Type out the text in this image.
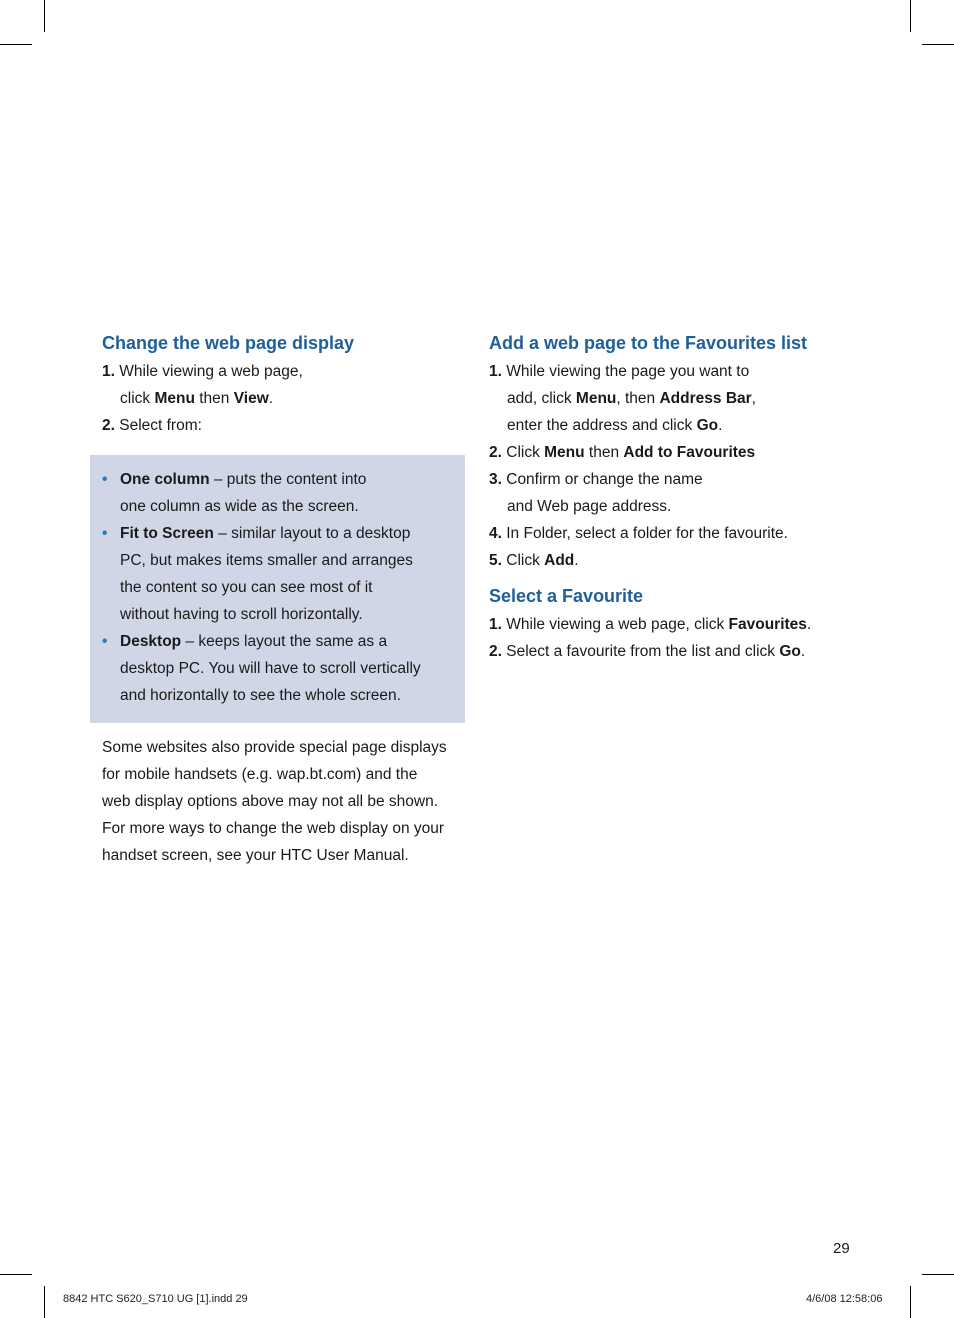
Change the web page display
1. While viewing a web page,
click Menu then View.
2. Select from:
• One column – puts the content into
one column as wide as the screen.
• Fit to Screen – similar layout to a desktop
PC, but makes items smaller and arranges
the content so you can see most of it
without having to scroll horizontally.
• Desktop – keeps layout the same as a
desktop PC. You will have to scroll vertically
and horizontally to see the whole screen.
Some websites also provide special page displays
for mobile handsets (e.g. wap.bt.com) and the
web display options above may not all be shown.
For more ways to change the web display on your
handset screen, see your HTC User Manual.
Add a web page to the Favourites list
1. While viewing the page you want to
add, click Menu, then Address Bar,
enter the address and click Go.
2. Click Menu then Add to Favourites
3. Confirm or change the name
and Web page address.
4. In Folder, select a folder for the favourite.
5. Click Add.
Select a Favourite
1. While viewing a web page, click Favourites.
2. Select a favourite from the list and click Go.
29
8842 HTC S620_S710 UG [1].indd 29	4/6/08 12:58:06
